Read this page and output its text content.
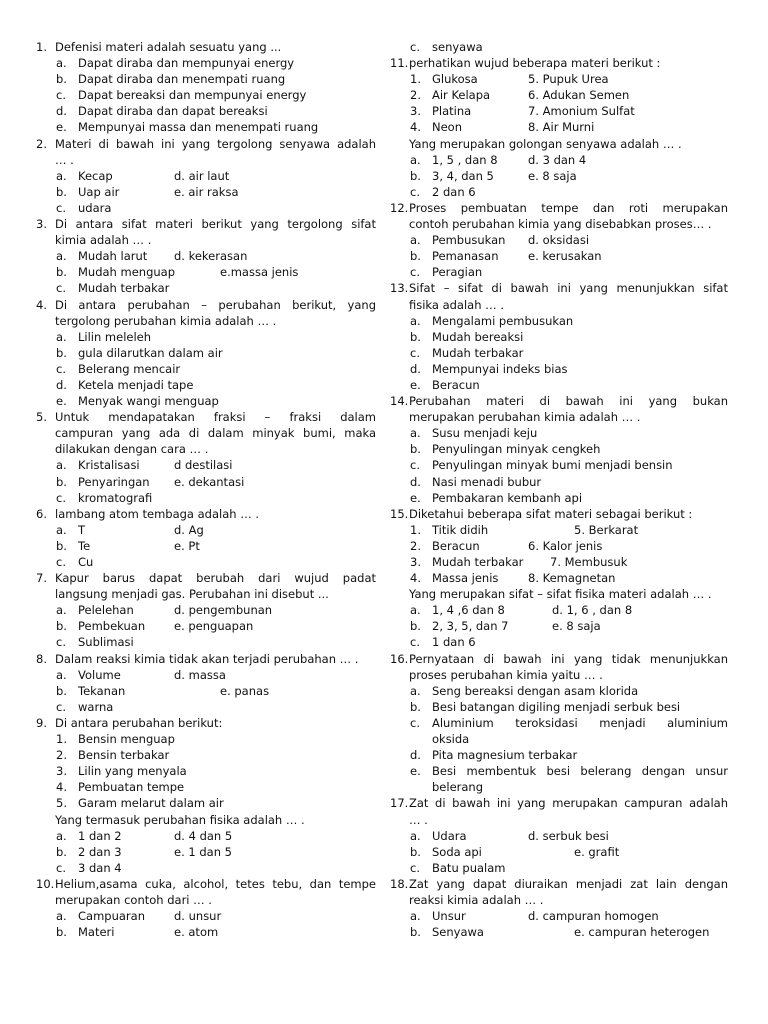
1. Defenisi materi adalah sesuatu yang ...
a. Dapat diraba dan mempunyai energy
b. Dapat diraba dan menempati ruang
c. Dapat bereaksi dan mempunyai energy
d. Dapat diraba dan dapat bereaksi
e. Mempunyai massa dan menempati ruang
2. Materi di bawah ini yang tergolong senyawa adalah
… .
a. Kecap	d. air laut
b. Uap air	e. air raksa
c. udara
3. Di antara sifat materi berikut yang tergolong sifat
kimia adalah … .
a. Mudah larut	d. kekerasan
b. Mudah menguap	e.massa jenis
c. Mudah terbakar
4. Di antara perubahan – perubahan berikut, yang
tergolong perubahan kimia adalah … .
a. Lilin meleleh
b. gula dilarutkan dalam air
c. Belerang mencair
d. Ketela menjadi tape
e. Menyak wangi menguap
5. Untuk mendapatakan fraksi – fraksi dalam
campuran yang ada di dalam minyak bumi, maka
dilakukan dengan cara … .
a. Kristalisasi	d destilasi
b. Penyaringan	e. dekantasi
c. kromatografi
6. lambang atom tembaga adalah … .
a. T	d. Ag
b. Te	e. Pt
c. Cu
7. Kapur barus dapat berubah dari wujud padat
langsung menjadi gas. Perubahan ini disebut ...
a. Pelelehan	d. pengembunan
b. Pembekuan	e. penguapan
c. Sublimasi
8. Dalam reaksi kimia tidak akan terjadi perubahan … .
a. Volume	d. massa
b. Tekanan	e. panas
c. warna
9. Di antara perubahan berikut:
1. Bensin menguap
2. Bensin terbakar
3. Lilin yang menyala
4. Pembuatan tempe
5. Garam melarut dalam air
Yang termasuk perubahan fisika adalah … .
a. 1 dan 2	d. 4 dan 5
b. 2 dan 3	e. 1 dan 5
c. 3 dan 4
10. Helium,asama cuka, alcohol, tetes tebu, dan tempe
merupakan contoh dari … .
a. Campuaran	d. unsur
b. Materi	e. atom
c. senyawa
11. perhatikan wujud beberapa materi berikut :
1. Glukosa	5. Pupuk Urea
2. Air Kelapa	6. Adukan Semen
3. Platina	7. Amonium Sulfat
4. Neon	8. Air Murni
Yang merupakan golongan senyawa adalah … .
a. 1, 5 , dan 8	d. 3 dan 4
b. 3, 4, dan 5	e. 8 saja
c. 2 dan 6
12. Proses pembuatan tempe dan roti merupakan
contoh perubahan kimia yang disebabkan proses… .
a. Pembusukan	d. oksidasi
b. Pemanasan	e. kerusakan
c. Peragian
13. Sifat – sifat di bawah ini yang menunjukkan sifat
fisika adalah … .
a. Mengalami pembusukan
b. Mudah bereaksi
c. Mudah terbakar
d. Mempunyai indeks bias
e. Beracun
14. Perubahan materi di bawah ini yang bukan
merupakan perubahan kimia adalah … .
a. Susu menjadi keju
b. Penyulingan minyak cengkeh
c. Penyulingan minyak bumi menjadi bensin
d. Nasi menadi bubur
e. Pembakaran kembanh api
15. Diketahui beberapa sifat materi sebagai berikut :
1. Titik didih	5. Berkarat
2. Beracun	6. Kalor jenis
3. Mudah terbakar	7. Membusuk
4. Massa jenis	8. Kemagnetan
Yang merupakan sifat – sifat fisika materi adalah … .
a. 1, 4 ,6 dan 8	d. 1, 6 , dan 8
b. 2, 3, 5, dan 7	e. 8 saja
c. 1 dan 6
16. Pernyataan di bawah ini yang tidak menunjukkan
proses perubahan kimia yaitu … .
a. Seng bereaksi dengan asam klorida
b. Besi batangan digiling menjadi serbuk besi
c. Aluminium teroksidasi menjadi aluminium
oksida
d. Pita magnesium terbakar
e. Besi membentuk besi belerang dengan unsur
belerang
17. Zat di bawah ini yang merupakan campuran adalah
… .
a. Udara	d. serbuk besi
b. Soda api	e. grafit
c. Batu pualam
18. Zat yang dapat diuraikan menjadi zat lain dengan
reaksi kimia adalah … .
a. Unsur	d. campuran homogen
b. Senyawa	e. campuran heterogen
